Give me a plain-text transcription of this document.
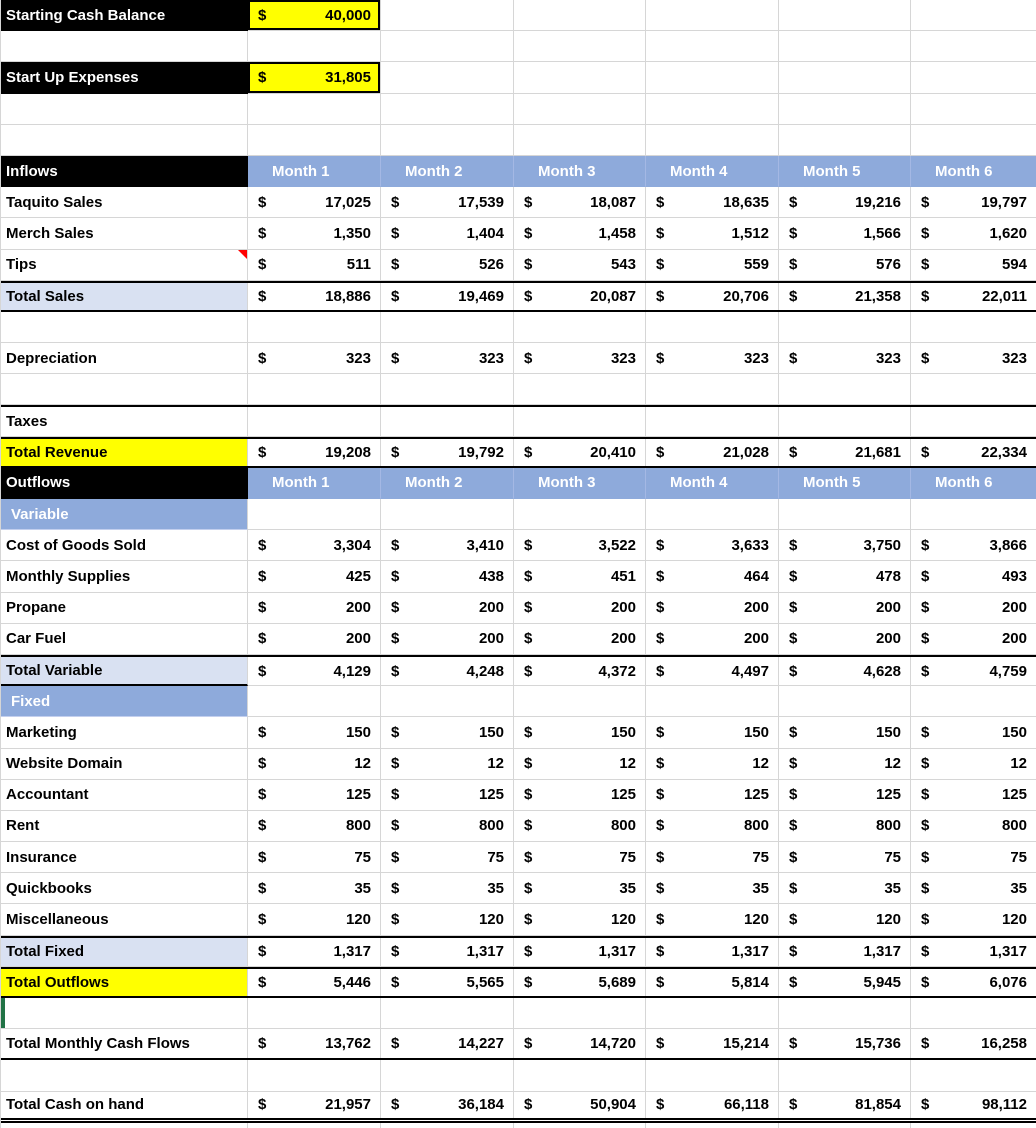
Starting Cash Balance	$	40,000
Start Up Expenses	$	31,805
Inflows	Month 1	Month 2	Month 3	Month 4	Month 5	Month 6
Taquito Sales	$	17,025 $	17,539 $	18,087 $	18,635 $	19,216 $	19,797
Merch Sales	$	1,350 $	1,404 $	1,458 $	1,512 $	1,566 $	1,620
Tips	$	511 $	526 $	543 $	559 $	576 $	594
Total Sales	$	18,886 $	19,469 $	20,087 $	20,706 $	21,358 $	22,011
Depreciation	$	323 $	323 $	323 $	323 $	323 $	323
Taxes
Total Revenue	$	19,208 $	19,792 $	20,410 $	21,028 $	21,681 $	22,334
Outflows	Month 1	Month 2	Month 3	Month 4	Month 5	Month 6
Variable
Cost of Goods Sold	$	3,304 $	3,410 $	3,522 $	3,633 $	3,750 $	3,866
Monthly Supplies	$	425 $	438 $	451 $	464 $	478 $	493
Propane	$	200 $	200 $	200 $	200 $	200 $	200
Car Fuel	$	200 $	200 $	200 $	200 $	200 $	200
Total Variable	$	4,129 $	4,248 $	4,372 $	4,497 $	4,628 $	4,759
Fixed
Marketing	$	150 $	150 $	150 $	150 $	150 $	150
Website Domain	$	12 $	12 $	12 $	12 $	12 $	12
Accountant	$	125 $	125 $	125 $	125 $	125 $	125
Rent	$	800 $	800 $	800 $	800 $	800 $	800
Insurance	$	75 $	75 $	75 $	75 $	75 $	75
Quickbooks	$	35 $	35 $	35 $	35 $	35 $	35
Miscellaneous	$	120 $	120 $	120 $	120 $	120 $	120
Total Fixed	$	1,317 $	1,317 $	1,317 $	1,317 $	1,317 $	1,317
Total Outflows	$	5,446 $	5,565 $	5,689 $	5,814 $	5,945 $	6,076
Total Monthly Cash Flows	$	13,762 $	14,227 $	14,720 $	15,214 $	15,736 $	16,258
Total Cash on hand	$	21,957 $	36,184 $	50,904 $	66,118 $	81,854 $	98,112
